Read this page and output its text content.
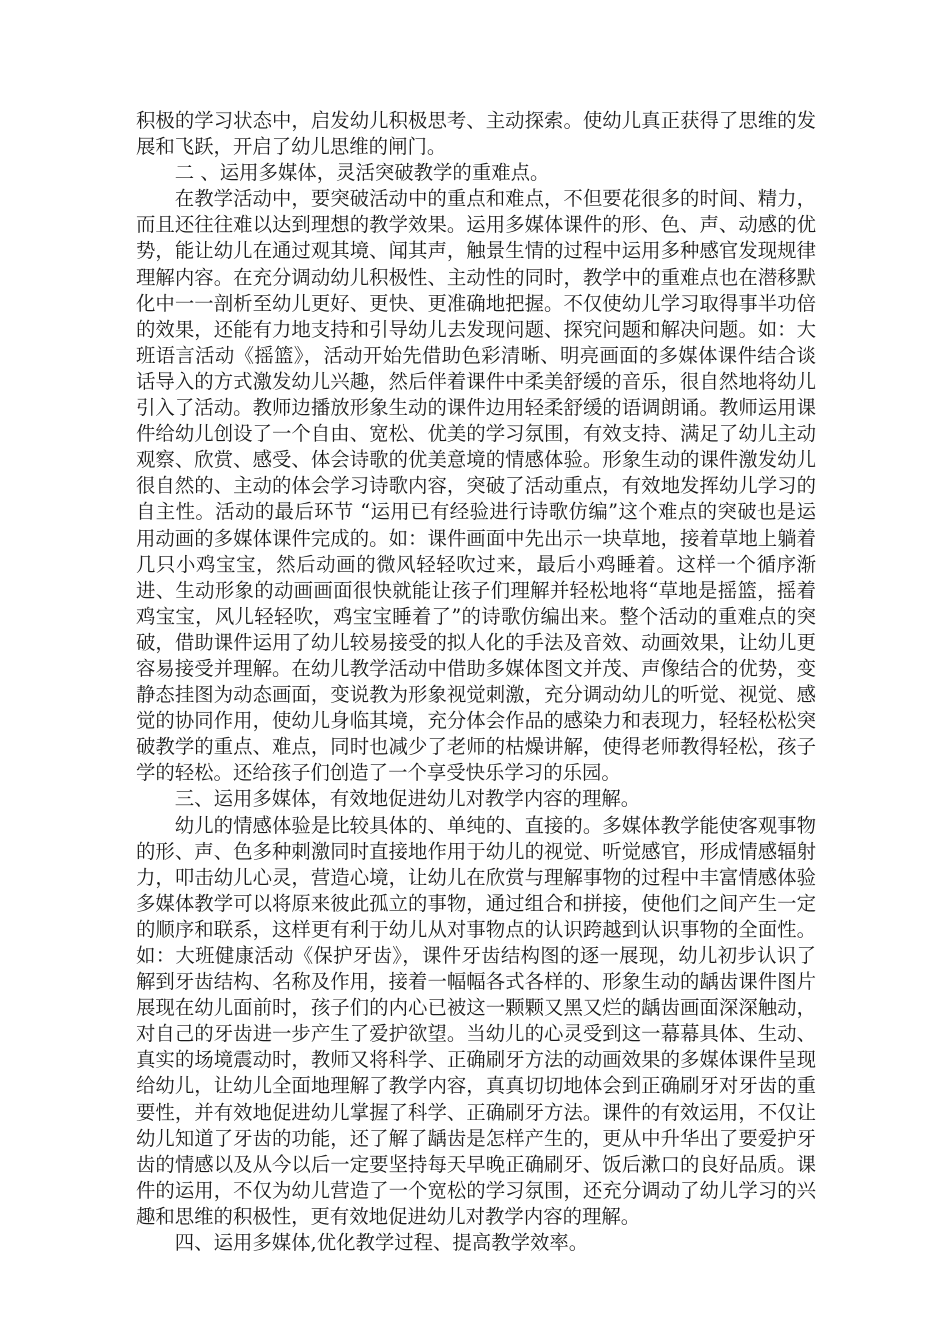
积极的学习状态中，启发幼儿积极思考、主动探索。使幼儿真正获得了思维的发展和飞跃，开启了幼儿思维的闸门。

二 、运用多媒体，灵活突破教学的重难点。

在教学活动中，要突破活动中的重点和难点，不但要花很多的时间、精力，而且还往往难以达到理想的教学效果。运用多媒体课件的形、色、声、动感的优势，能让幼儿在通过观其境、闻其声，触景生情的过程中运用多种感官发现规律理解内容。在充分调动幼儿积极性、主动性的同时，教学中的重难点也在潜移默化中一一剖析至幼儿更好、更快、更准确地把握。不仅使幼儿学习取得事半功倍的效果，还能有力地支持和引导幼儿去发现问题、探究问题和解决问题。如：大班语言活动《摇篮》，活动开始先借助色彩清晰、明亮画面的多媒体课件结合谈话导入的方式激发幼儿兴趣，然后伴着课件中柔美舒缓的音乐，很自然地将幼儿引入了活动。教师边播放形象生动的课件边用轻柔舒缓的语调朗诵。教师运用课件给幼儿创设了一个自由、宽松、优美的学习氛围，有效支持、满足了幼儿主动观察、欣赏、感受、体会诗歌的优美意境的情感体验。形象生动的课件激发幼儿很自然的、主动的体会学习诗歌内容，突破了活动重点，有效地发挥幼儿学习的自主性。活动的最后环节 “运用已有经验进行诗歌仿编”这个难点的突破也是运用动画的多媒体课件完成的。如：课件画面中先出示一块草地，接着草地上躺着几只小鸡宝宝，然后动画的微风轻轻吹过来，最后小鸡睡着。这样一个循序渐进、生动形象的动画画面很快就能让孩子们理解并轻松地将“草地是摇篮，摇着鸡宝宝，风儿轻轻吹，鸡宝宝睡着了”的诗歌仿编出来。整个活动的重难点的突破，借助课件运用了幼儿较易接受的拟人化的手法及音效、动画效果，让幼儿更容易接受并理解。在幼儿教学活动中借助多媒体图文并茂、声像结合的优势，变静态挂图为动态画面，变说教为形象视觉刺激，充分调动幼儿的听觉、视觉、感觉的协同作用，使幼儿身临其境，充分体会作品的感染力和表现力，轻轻松松突破教学的重点、难点，同时也减少了老师的枯燥讲解，使得老师教得轻松，孩子学的轻松。还给孩子们创造了一个享受快乐学习的乐园。

三、运用多媒体，有效地促进幼儿对教学内容的理解。

幼儿的情感体验是比较具体的、单纯的、直接的。多媒体教学能使客观事物的形、声、色多种刺激同时直接地作用于幼儿的视觉、听觉感官，形成情感辐射力，叩击幼儿心灵，营造心境，让幼儿在欣赏与理解事物的过程中丰富情感体验多媒体教学可以将原来彼此孤立的事物，通过组合和拼接，使他们之间产生一定的顺序和联系，这样更有利于幼儿从对事物点的认识跨越到认识事物的全面性。如：大班健康活动《保护牙齿》，课件牙齿结构图的逐一展现，幼儿初步认识了解到牙齿结构、名称及作用，接着一幅幅各式各样的、形象生动的龋齿课件图片展现在幼儿面前时，孩子们的内心已被这一颗颗又黑又烂的龋齿画面深深触动，对自己的牙齿进一步产生了爱护欲望。当幼儿的心灵受到这一幕幕具体、生动、真实的场境震动时，教师又将科学、正确刷牙方法的动画效果的多媒体课件呈现给幼儿，让幼儿全面地理解了教学内容，真真切切地体会到正确刷牙对牙齿的重要性，并有效地促进幼儿掌握了科学、正确刷牙方法。课件的有效运用，不仅让幼儿知道了牙齿的功能，还了解了龋齿是怎样产生的，更从中升华出了要爱护牙齿的情感以及从今以后一定要坚持每天早晚正确刷牙、饭后漱口的良好品质。课件的运用，不仅为幼儿营造了一个宽松的学习氛围，还充分调动了幼儿学习的兴趣和思维的积极性，更有效地促进幼儿对教学内容的理解。

四、运用多媒体,优化教学过程、提高教学效率。
